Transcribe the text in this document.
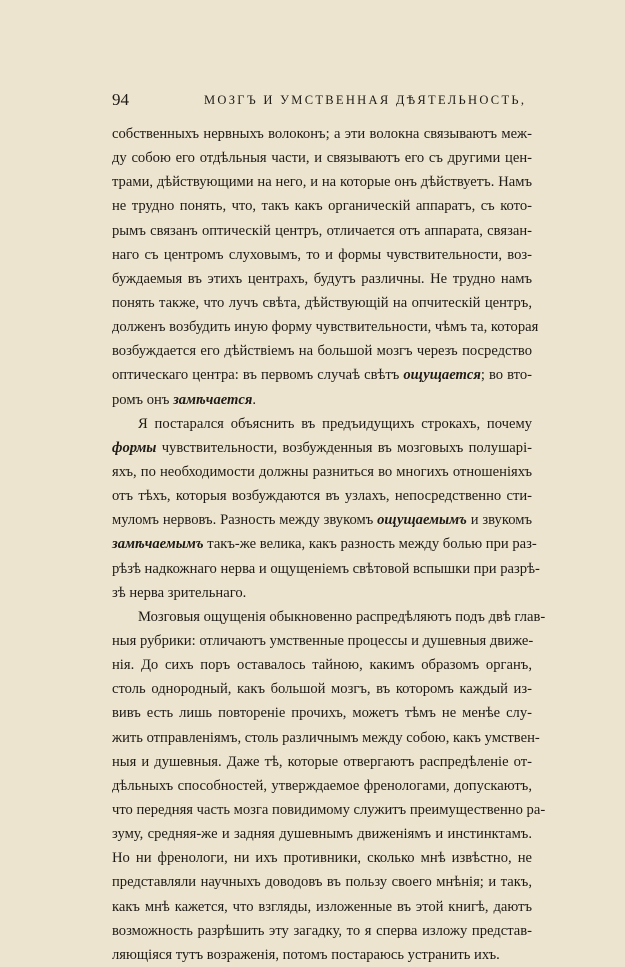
94	МОЗГЪ И УМСТВЕННАЯ ДѢЯТЕЛЬНОСТЬ,

собственныхъ нервныхъ волоконъ; а эти волокна связываютъ меж-
ду собою его отдѣльныя части, и связываютъ его съ другими цен-
трами, дѣйствующими на него, и на которые онъ дѣйствуетъ. Намъ
не трудно понять, что, такъ какъ органическій аппаратъ, съ кото-
рымъ связанъ оптическій центръ, отличается отъ аппарата, связан-
наго съ центромъ слуховымъ, то и формы чувствительности, воз-
буждаемыя въ этихъ центрахъ, будутъ различны. Не трудно намъ
понять также, что лучъ свѣта, дѣйствующій на опчитескій центръ,
долженъ возбудить иную форму чувствительности, чѣмъ та, которая
возбуждается его дѣйствіемъ на большой мозгъ черезъ посредство
оптическаго центра: въ первомъ случаѣ свѣтъ ощущается; во вто-
ромъ онъ замѣчается.

Я постарался объяснить въ предъидущихъ строкахъ, почему
формы чувствительности, возбужденныя въ мозговыхъ полушарі-
яхъ, по необходимости должны разниться во многихъ отношеніяхъ
отъ тѣхъ, которыя возбуждаются въ узлахъ, непосредственно сти-
муломъ нервовъ. Разность между звукомъ ощущаемымъ и звукомъ
замѣчаемымъ такъ-же велика, какъ разность между болью при раз-
рѣзѣ надкожнаго нерва и ощущеніемъ свѣтовой вспышки при разрѣ-
зѣ нерва зрительнаго.

Мозговыя ощущенія обыкновенно распредѣляютъ подъ двѣ глав-
ныя рубрики: отличаютъ умственные процессы и душевныя движе-
нія. До сихъ поръ оставалось тайною, какимъ образомъ органъ,
столь однородный, какъ большой мозгъ, въ которомъ каждый из-
вивъ есть лишь повтореніе прочихъ, можетъ тѣмъ не менѣе слу-
жить отправленіямъ, столь различнымъ между собою, какъ умствен-
ныя и душевныя. Даже тѣ, которые отвергаютъ распредѣленіе от-
дѣльныхъ способностей, утверждаемое френологами, допускаютъ,
что передняя часть мозга повидимому служитъ преимущественно ра-
зуму, средняя-же и задняя душевнымъ движеніямъ и инстинктамъ.
Но ни френологи, ни ихъ противники, сколько мнѣ извѣстно, не
представляли научныхъ доводовъ въ пользу своего мнѣнія; и такъ,
какъ мнѣ кажется, что взгляды, изложенные въ этой книгѣ, даютъ
возможность разрѣшить эту загадку, то я сперва изложу представ-
ляющіяся тутъ возраженія, потомъ постараюсь устранить ихъ.
